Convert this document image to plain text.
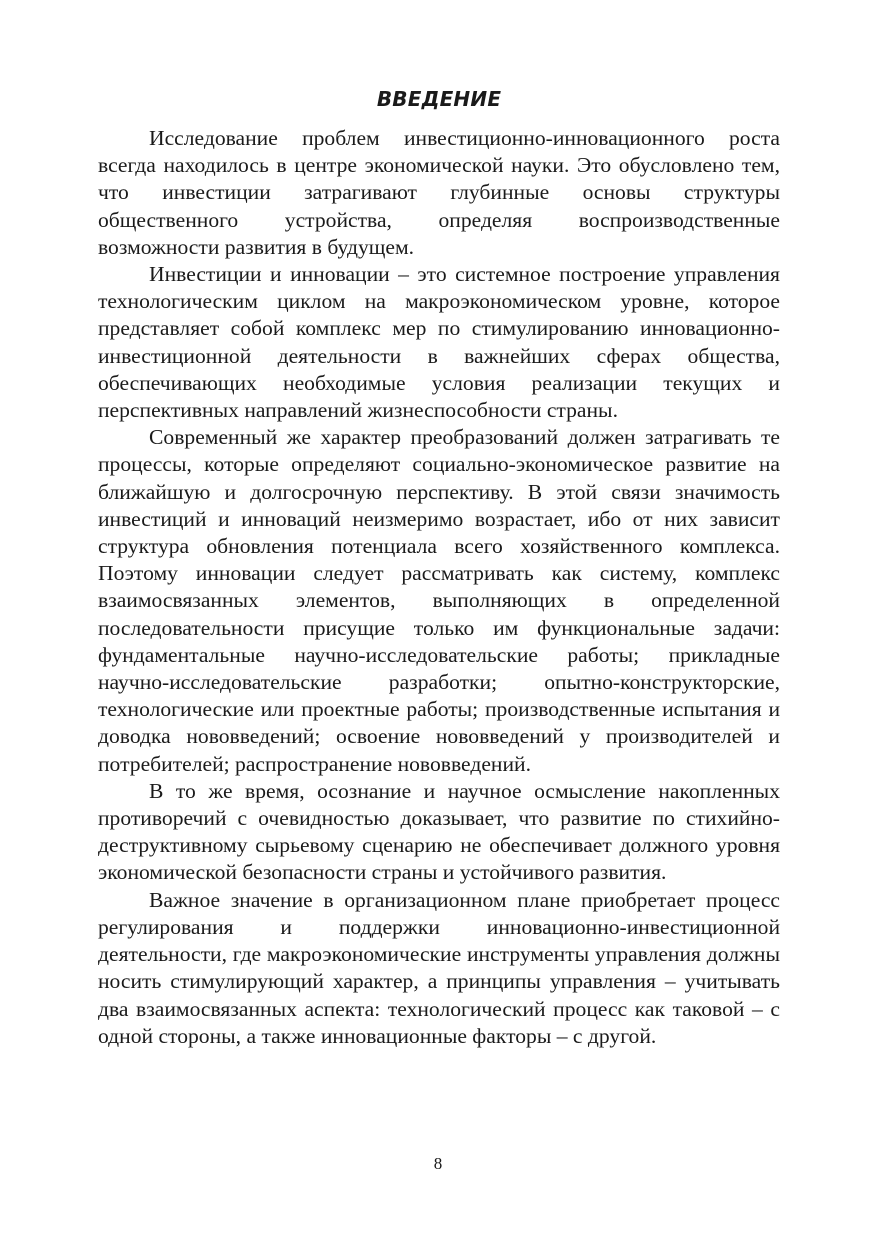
ВВЕДЕНИЕ

Исследование проблем инвестиционно-инновационного роста всегда находилось в центре экономической науки. Это обусловлено тем, что инвестиции затрагивают глубинные основы структуры общественного устройства, определяя воспроизводственные возможности развития в будущем.

Инвестиции и инновации – это системное построение управления технологическим циклом на макроэкономическом уровне, которое представляет собой комплекс мер по стимулированию инновационно-инвестиционной деятельности в важнейших сферах общества, обеспечивающих необходимые условия реализации текущих и перспективных направлений жизнеспособности страны.

Современный же характер преобразований должен затрагивать те процессы, которые определяют социально-экономическое развитие на ближайшую и долгосрочную перспективу. В этой связи значимость инвестиций и инноваций неизмеримо возрастает, ибо от них зависит структура обновления потенциала всего хозяйственного комплекса. Поэтому инновации следует рассматривать как систему, комплекс взаимосвязанных элементов, выполняющих в определенной последовательности присущие только им функциональные задачи: фундаментальные научно-исследовательские работы; прикладные научно-исследовательские разработки; опытно-конструкторские, технологические или проектные работы; производственные испытания и доводка нововведений; освоение нововведений у производителей и потребителей; распространение нововведений.

В то же время, осознание и научное осмысление накопленных противоречий с очевидностью доказывает, что развитие по стихийно-деструктивному сырьевому сценарию не обеспечивает должного уровня экономической безопасности страны и устойчивого развития.

Важное значение в организационном плане приобретает процесс регулирования и поддержки инновационно-инвестиционной деятельности, где макроэкономические инструменты управления должны носить стимулирующий характер, а принципы управления – учитывать два взаимосвязанных аспекта: технологический процесс как таковой – с одной стороны, а также инновационные факторы – с другой.

8
